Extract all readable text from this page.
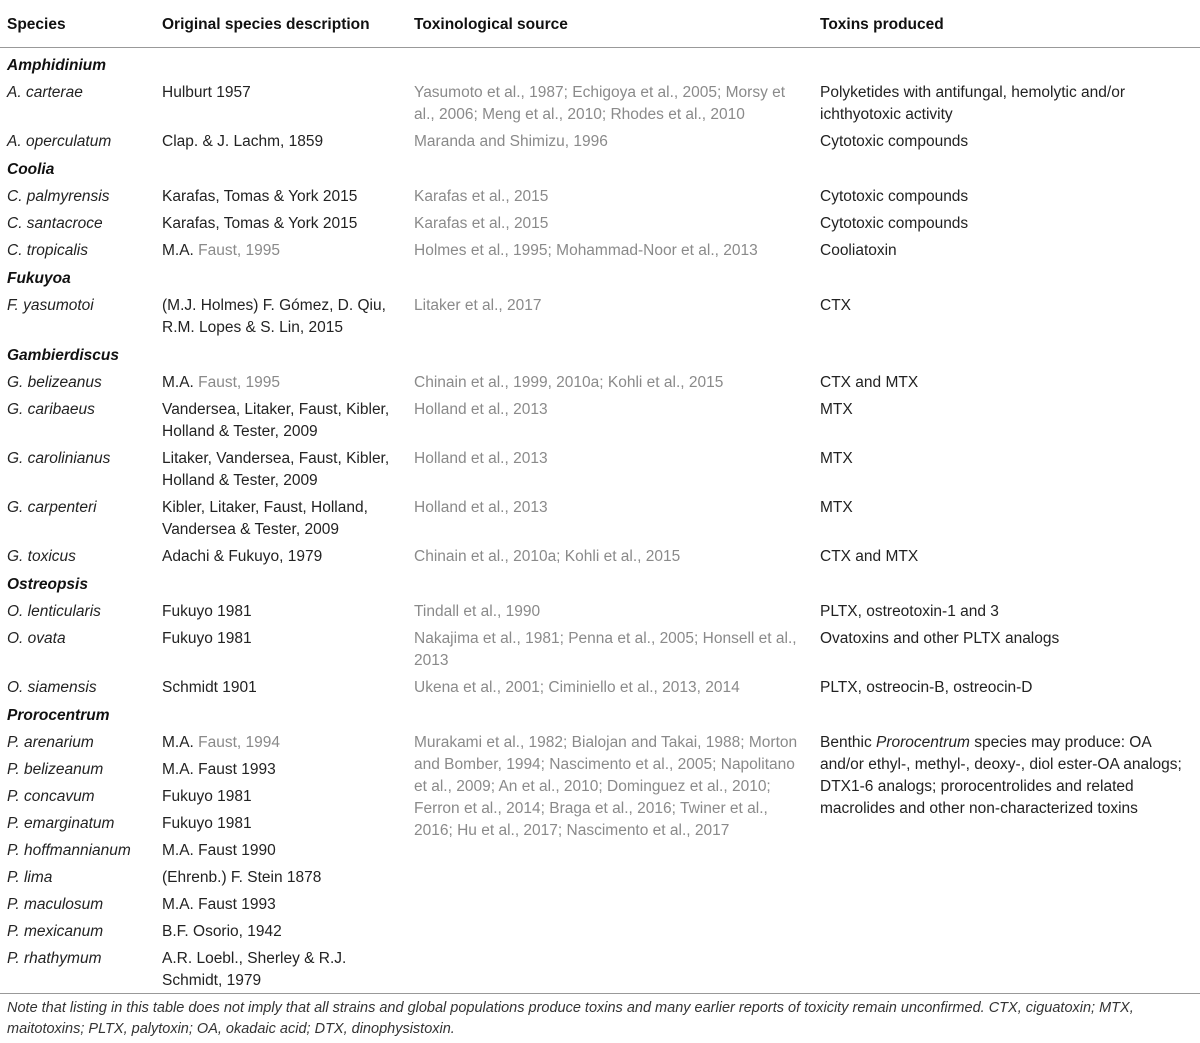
Species	Original species description	Toxinological source	Toxins produced
Amphidinium			
A. carterae	Hulburt 1957	Yasumoto et al., 1987; Echigoya et al., 2005; Morsy et al., 2006; Meng et al., 2010; Rhodes et al., 2010	Polyketides with antifungal, hemolytic and/or ichthyotoxic activity
A. operculatum	Clap. & J. Lachm, 1859	Maranda and Shimizu, 1996	Cytotoxic compounds
Coolia			
C. palmyrensis	Karafas, Tomas & York 2015	Karafas et al., 2015	Cytotoxic compounds
C. santacroce	Karafas, Tomas & York 2015	Karafas et al., 2015	Cytotoxic compounds
C. tropicalis	M.A. Faust, 1995	Holmes et al., 1995; Mohammad-Noor et al., 2013	Cooliatoxin
Fukuyoa			
F. yasumotoi	(M.J. Holmes) F. Gómez, D. Qiu, R.M. Lopes & S. Lin, 2015	Litaker et al., 2017	CTX
Gambierdiscus			
G. belizeanus	M.A. Faust, 1995	Chinain et al., 1999, 2010a; Kohli et al., 2015	CTX and MTX
G. caribaeus	Vandersea, Litaker, Faust, Kibler, Holland & Tester, 2009	Holland et al., 2013	MTX
G. carolinianus	Litaker, Vandersea, Faust, Kibler, Holland & Tester, 2009	Holland et al., 2013	MTX
G. carpenteri	Kibler, Litaker, Faust, Holland, Vandersea & Tester, 2009	Holland et al., 2013	MTX
G. toxicus	Adachi & Fukuyo, 1979	Chinain et al., 2010a; Kohli et al., 2015	CTX and MTX
Ostreopsis			
O. lenticularis	Fukuyo 1981	Tindall et al., 1990	PLTX, ostreotoxin-1 and 3
O. ovata	Fukuyo 1981	Nakajima et al., 1981; Penna et al., 2005; Honsell et al., 2013	Ovatoxins and other PLTX analogs
O. siamensis	Schmidt 1901	Ukena et al., 2001; Ciminiello et al., 2013, 2014	PLTX, ostreocin-B, ostreocin-D
Prorocentrum			
P. arenarium	M.A. Faust, 1994	Murakami et al., 1982; Bialojan and Takai, 1988; Morton and Bomber, 1994; Nascimento et al., 2005; Napolitano et al., 2009; An et al., 2010; Dominguez et al., 2010; Ferron et al., 2014; Braga et al., 2016; Twiner et al., 2016; Hu et al., 2017; Nascimento et al., 2017	Benthic Prorocentrum species may produce: OA and/or ethyl-, methyl-, deoxy-, diol ester-OA analogs; DTX1-6 analogs; prorocentrolides and related macrolides and other non-characterized toxins
P. belizeanum	M.A. Faust 1993		
P. concavum	Fukuyo 1981		
P. emarginatum	Fukuyo 1981		
P. hoffmannianum	M.A. Faust 1990		
P. lima	(Ehrenb.) F. Stein 1878		
P. maculosum	M.A. Faust 1993		
P. mexicanum	B.F. Osorio, 1942		
P. rhathymum	A.R. Loebl., Sherley & R.J. Schmidt, 1979		
Note that listing in this table does not imply that all strains and global populations produce toxins and many earlier reports of toxicity remain unconfirmed. CTX, ciguatoxin; MTX, maitotoxins; PLTX, palytoxin; OA, okadaic acid; DTX, dinophysistoxin.
